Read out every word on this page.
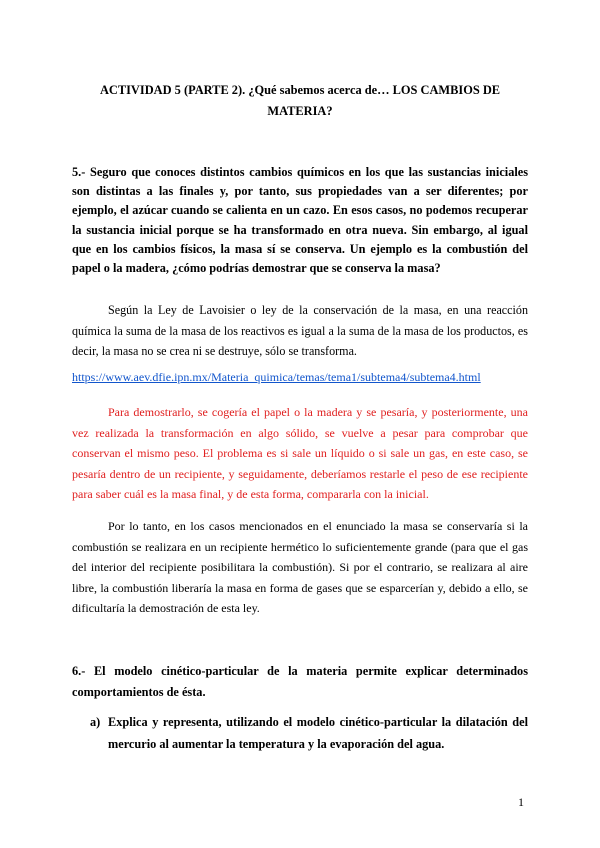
ACTIVIDAD 5 (PARTE 2). ¿Qué sabemos acerca de… LOS CAMBIOS DE MATERIA?
5.- Seguro que conoces distintos cambios químicos en los que las sustancias iniciales son distintas a las finales y, por tanto, sus propiedades van a ser diferentes; por ejemplo, el azúcar cuando se calienta en un cazo. En esos casos, no podemos recuperar la sustancia inicial porque se ha transformado en otra nueva. Sin embargo, al igual que en los cambios físicos, la masa sí se conserva. Un ejemplo es la combustión del papel o la madera, ¿cómo podrías demostrar que se conserva la masa?
Según la Ley de Lavoisier o ley de la conservación de la masa, en una reacción química la suma de la masa de los reactivos es igual a la suma de la masa de los productos, es decir, la masa no se crea ni se destruye, sólo se transforma.
https://www.aev.dfie.ipn.mx/Materia_quimica/temas/tema1/subtema4/subtema4.html
Para demostrarlo, se cogería el papel o la madera y se pesaría, y posteriormente, una vez realizada la transformación en algo sólido, se vuelve a pesar para comprobar que conservan el mismo peso. El problema es si sale un líquido o si sale un gas, en este caso, se pesaría dentro de un recipiente, y seguidamente, deberíamos restarle el peso de ese recipiente para saber cuál es la masa final, y de esta forma, compararla con la inicial.
Por lo tanto, en los casos mencionados en el enunciado la masa se conservaría si la combustión se realizara en un recipiente hermético lo suficientemente grande (para que el gas del interior del recipiente posibilitara la combustión). Si por el contrario, se realizara al aire libre, la combustión liberaría la masa en forma de gases que se esparcerían y, debido a ello, se dificultaría la demostración de esta ley.
6.- El modelo cinético-particular de la materia permite explicar determinados comportamientos de ésta.
a) Explica y representa, utilizando el modelo cinético-particular la dilatación del mercurio al aumentar la temperatura y la evaporación del agua.
1
